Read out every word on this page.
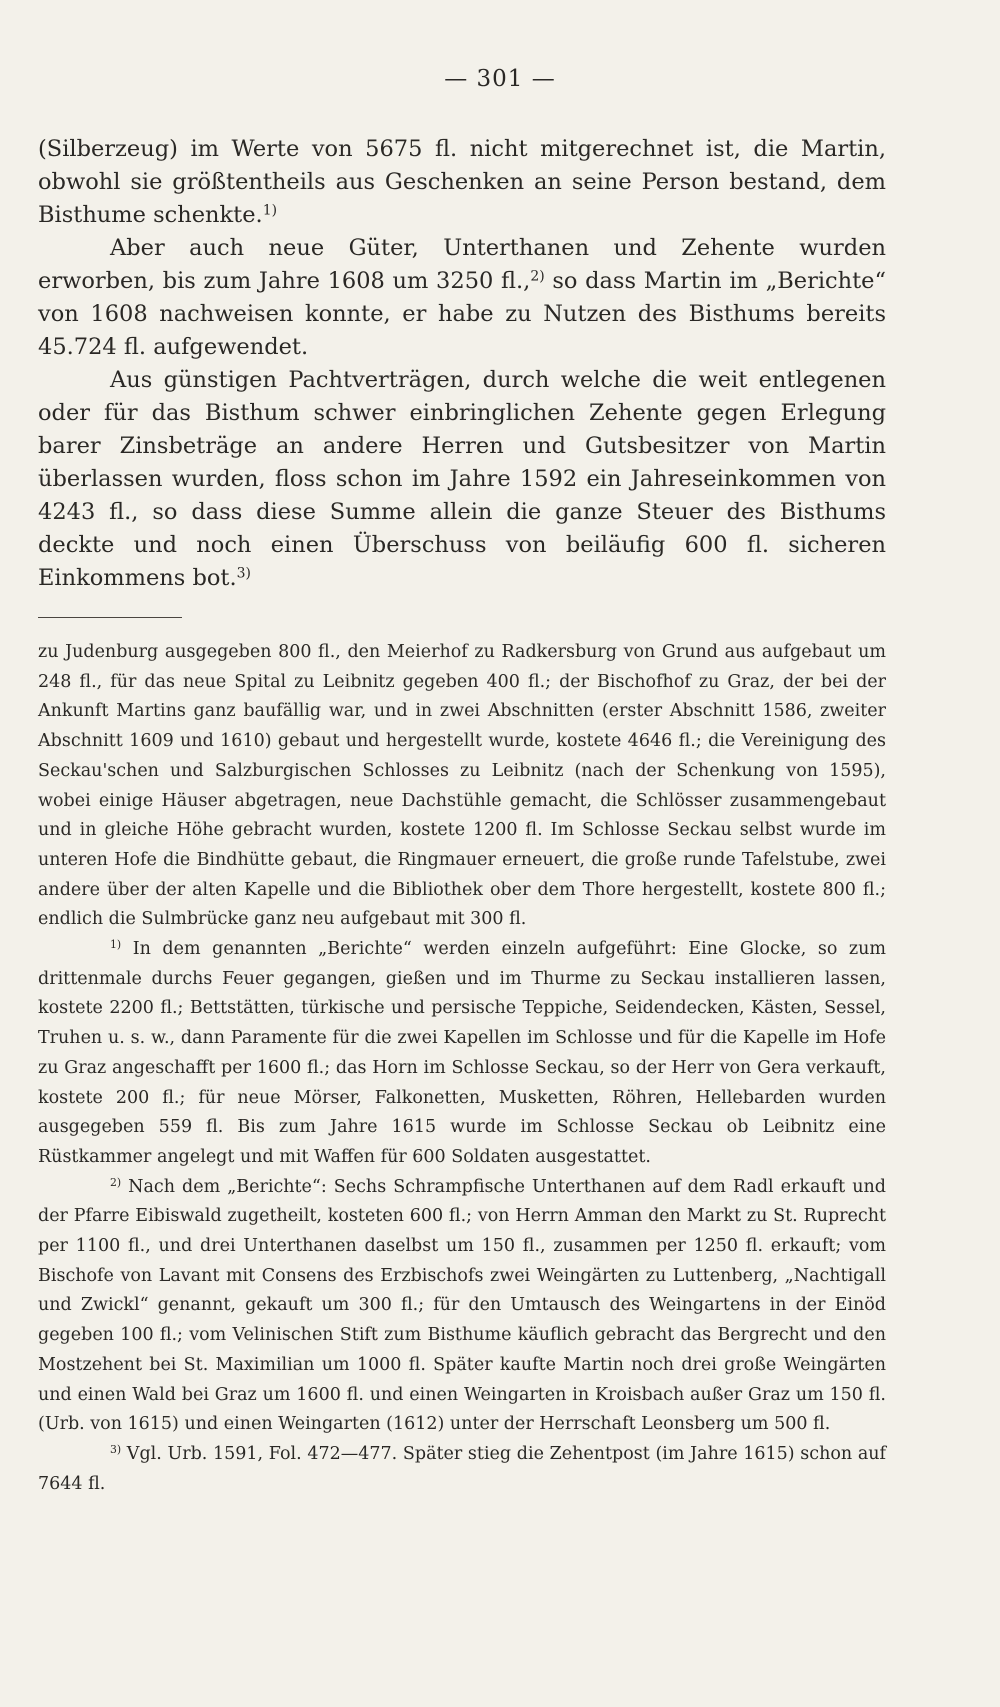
— 301 —

(Silberzeug) im Werte von 5675 fl. nicht mitgerechnet ist, die Martin, obwohl sie größtentheils aus Geschenken an seine Person bestand, dem Bisthume schenkte.$^{1)}$

Aber auch neue Güter, Unterthanen und Zehente wurden erworben, bis zum Jahre 1608 um 3250 fl.,$^{2)}$ so dass Martin im „Berichte“ von 1608 nachweisen konnte, er habe zu Nutzen des Bisthums bereits 45.724 fl. aufgewendet.

Aus günstigen Pachtverträgen, durch welche die weit entlegenen oder für das Bisthum schwer einbringlichen Zehente gegen Erlegung barer Zinsbeträge an andere Herren und Gutsbesitzer von Martin überlassen wurden, floss schon im Jahre 1592 ein Jahreseinkommen von 4243 fl., so dass diese Summe allein die ganze Steuer des Bisthums deckte und noch einen Überschuss von beiläufig 600 fl. sicheren Einkommens bot.$^{3)}$

zu Judenburg ausgegeben 800 fl., den Meierhof zu Radkersburg von Grund aus aufgebaut um 248 fl., für das neue Spital zu Leibnitz gegeben 400 fl.; der Bischofhof zu Graz, der bei der Ankunft Martins ganz baufällig war, und in zwei Abschnitten (erster Abschnitt 1586, zweiter Abschnitt 1609 und 1610) gebaut und hergestellt wurde, kostete 4646 fl.; die Vereinigung des Seckau'schen und Salzburgischen Schlosses zu Leibnitz (nach der Schenkung von 1595), wobei einige Häuser abgetragen, neue Dachstühle gemacht, die Schlösser zusammengebaut und in gleiche Höhe gebracht wurden, kostete 1200 fl. Im Schlosse Seckau selbst wurde im unteren Hofe die Bindhütte gebaut, die Ringmauer erneuert, die große runde Tafelstube, zwei andere über der alten Kapelle und die Bibliothek ober dem Thore hergestellt, kostete 800 fl.; endlich die Sulmbrücke ganz neu aufgebaut mit 300 fl.

$^{1)}$ In dem genannten „Berichte“ werden einzeln aufgeführt: Eine Glocke, so zum drittenmale durchs Feuer gegangen, gießen und im Thurme zu Seckau installieren lassen, kostete 2200 fl.; Bettstätten, türkische und persische Teppiche, Seidendecken, Kästen, Sessel, Truhen u. s. w., dann Paramente für die zwei Kapellen im Schlosse und für die Kapelle im Hofe zu Graz angeschafft per 1600 fl.; das Horn im Schlosse Seckau, so der Herr von Gera verkauft, kostete 200 fl.; für neue Mörser, Falkonetten, Musketten, Röhren, Hellebarden wurden ausgegeben 559 fl. Bis zum Jahre 1615 wurde im Schlosse Seckau ob Leibnitz eine Rüstkammer angelegt und mit Waffen für 600 Soldaten ausgestattet.

$^{2)}$ Nach dem „Berichte“: Sechs Schrampfische Unterthanen auf dem Radl erkauft und der Pfarre Eibiswald zugetheilt, kosteten 600 fl.; von Herrn Amman den Markt zu St. Ruprecht per 1100 fl., und drei Unterthanen daselbst um 150 fl., zusammen per 1250 fl. erkauft; vom Bischofe von Lavant mit Consens des Erzbischofs zwei Weingärten zu Luttenberg, „Nachtigall und Zwickl“ genannt, gekauft um 300 fl.; für den Umtausch des Weingartens in der Einöd gegeben 100 fl.; vom Velinischen Stift zum Bisthume käuflich gebracht das Bergrecht und den Mostzehent bei St. Maximilian um 1000 fl. Später kaufte Martin noch drei große Weingärten und einen Wald bei Graz um 1600 fl. und einen Weingarten in Kroisbach außer Graz um 150 fl. (Urb. von 1615) und einen Weingarten (1612) unter der Herrschaft Leonsberg um 500 fl.

$^{3)}$ Vgl. Urb. 1591, Fol. 472—477. Später stieg die Zehentpost (im Jahre 1615) schon auf 7644 fl.
